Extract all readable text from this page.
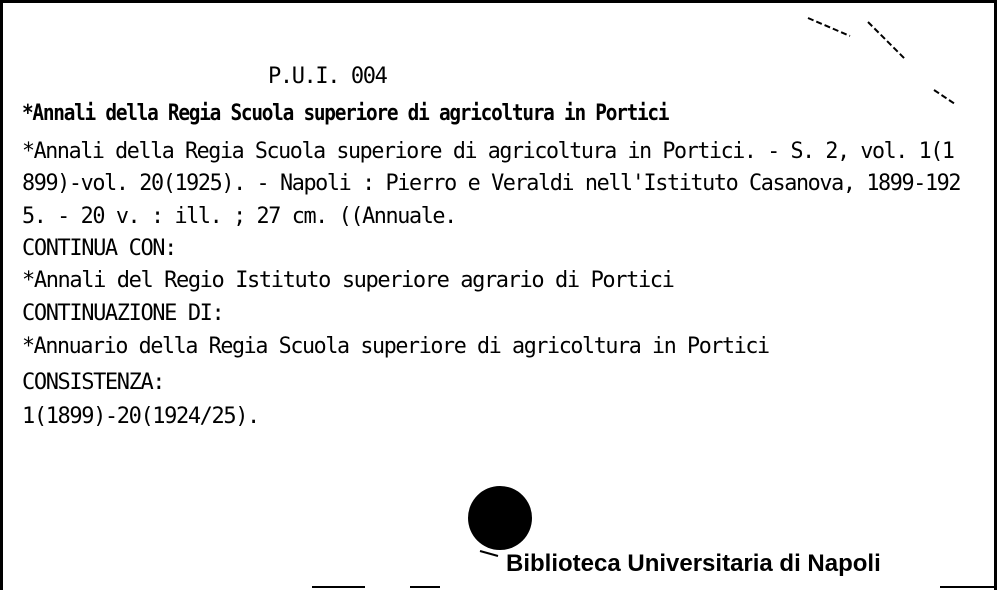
P.U.I. 004
*Annali della Regia Scuola superiore di agricoltura in Portici
*Annali della Regia Scuola superiore di agricoltura in Portici. - S. 2, vol. 1(1
899)-vol. 20(1925). - Napoli : Pierro e Veraldi nell'Istituto Casanova, 1899-192
5. - 20 v. : ill. ; 27 cm. ((Annuale.
CONTINUA CON:
*Annali del Regio Istituto superiore agrario di Portici
CONTINUAZIONE DI:
*Annuario della Regia Scuola superiore di agricoltura in Portici
CONSISTENZA:
1(1899)-20(1924/25).
Biblioteca Universitaria di Napoli
